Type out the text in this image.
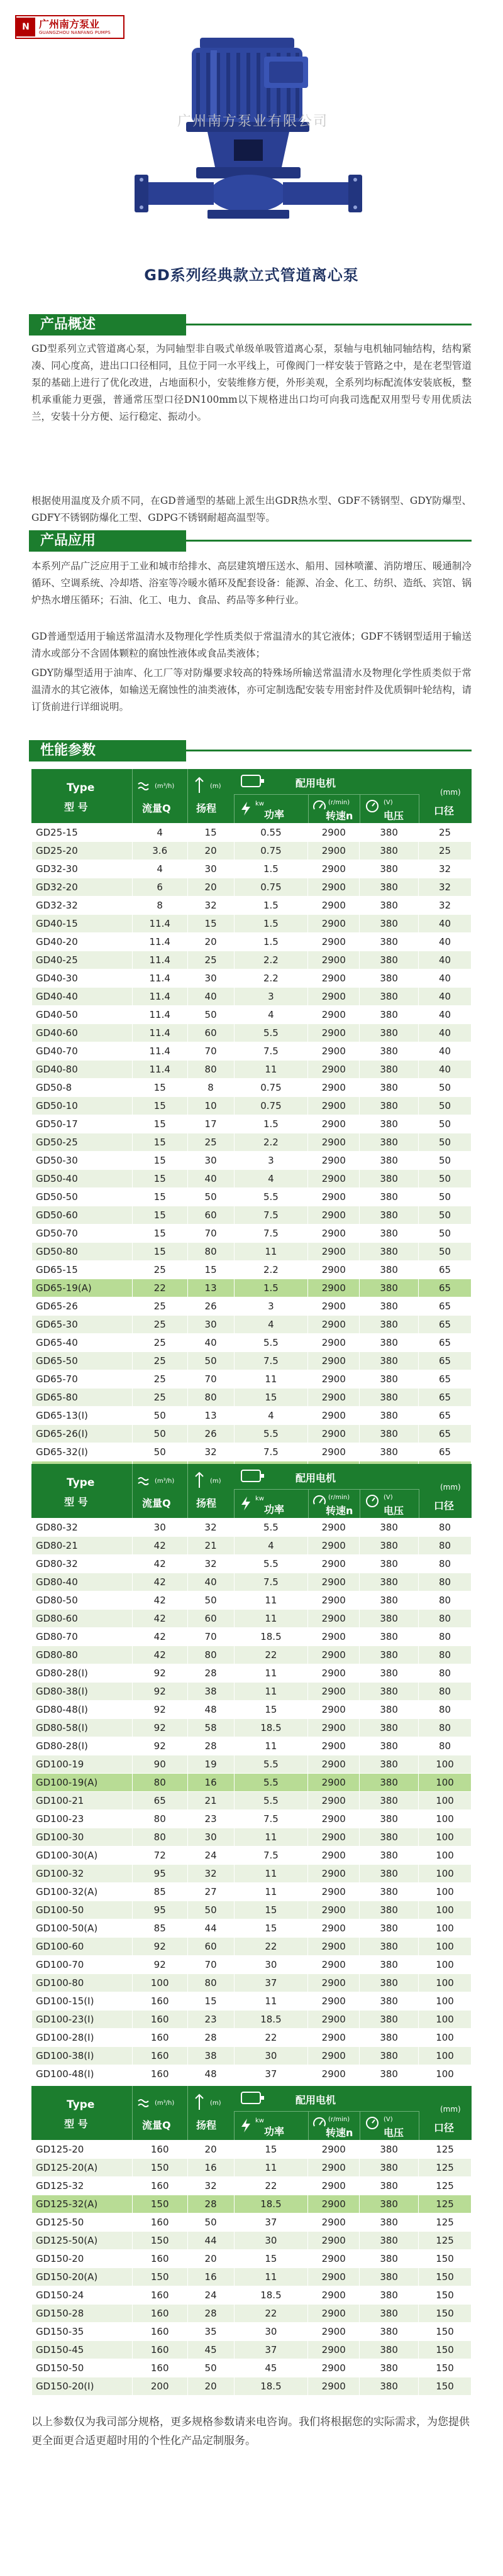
N 广州南方泵业
GUANGZHOU NANFANG PUMPS
广州南方泵业有限公司
GD系列经典款立式管道离心泵
产品概述
GD型系列立式管道离心泵，为同轴型非自吸式单级单吸管道离心泵，泵轴与电机轴同轴结构，结构紧凑、同心度高，进出口口径相同，且位于同一水平线上，可像阀门一样安装于管路之中，是在老型管道泵的基础上进行了优化改进，占地面积小，安装维修方便，外形美观，全系列均标配流体安装底板，整机承重能力更强，普通常压型口径DN100mm以下规格进出口均可向我司选配双用型号专用优质法兰，安装十分方便、运行稳定、振动小。
根据使用温度及介质不同，在GD普通型的基础上派生出GDR热水型、GDF不锈钢型、GDY防爆型、GDFY不锈钢防爆化工型、GDPG不锈钢耐超高温型等。
产品应用
本系列产品广泛应用于工业和城市给排水、高层建筑增压送水、船用、园林喷灌、消防增压、暖通制冷循环、空调系统、冷却塔、浴室等冷暖水循环及配套设备：能源、冶金、化工、纺织、造纸、宾馆、锅炉热水增压循环；石油、化工、电力、食品、药品等多种行业。
GD普通型适用于输送常温清水及物理化学性质类似于常温清水的其它液体；GDF不锈钢型适用于输送清水或部分不含固体颗粒的腐蚀性液体或食品类液体；
GDY防爆型适用于油库、化工厂等对防爆要求较高的特殊场所输送常温清水及物理化学性质类似于常温清水的其它液体，如输送无腐蚀性的油类液体，亦可定制选配安装专用密封件及优质铜叶轮结构，请订货前进行详细说明。
性能参数
Type
型 号
(m³/h)
流量Q
(m)
扬程
配用电机
kw
功率
(r/min)
转速n
(V)
电压
(mm)
口径
GD25-15	4	15	0.55	2900	380	25
GD25-20	3.6	20	0.75	2900	380	25
GD32-30	4	30	1.5	2900	380	32
GD32-20	6	20	0.75	2900	380	32
GD32-32	8	32	1.5	2900	380	32
GD40-15	11.4	15	1.5	2900	380	40
GD40-20	11.4	20	1.5	2900	380	40
GD40-25	11.4	25	2.2	2900	380	40
GD40-30	11.4	30	2.2	2900	380	40
GD40-40	11.4	40	3	2900	380	40
GD40-50	11.4	50	4	2900	380	40
GD40-60	11.4	60	5.5	2900	380	40
GD40-70	11.4	70	7.5	2900	380	40
GD40-80	11.4	80	11	2900	380	40
GD50-8	15	8	0.75	2900	380	50
GD50-10	15	10	0.75	2900	380	50
GD50-17	15	17	1.5	2900	380	50
GD50-25	15	25	2.2	2900	380	50
GD50-30	15	30	3	2900	380	50
GD50-40	15	40	4	2900	380	50
GD50-50	15	50	5.5	2900	380	50
GD50-60	15	60	7.5	2900	380	50
GD50-70	15	70	7.5	2900	380	50
GD50-80	15	80	11	2900	380	50
GD65-15	25	15	2.2	2900	380	65
GD65-19(A)	22	13	1.5	2900	380	65
GD65-26	25	26	3	2900	380	65
GD65-30	25	30	4	2900	380	65
GD65-40	25	40	5.5	2900	380	65
GD65-50	25	50	7.5	2900	380	65
GD65-70	25	70	11	2900	380	65
GD65-80	25	80	15	2900	380	65
GD65-13(I)	50	13	4	2900	380	65
GD65-26(I)	50	26	5.5	2900	380	65
GD65-32(I)	50	32	7.5	2900	380	65

Type
型 号
(m³/h)
流量Q
(m)
扬程
配用电机
kw
功率
(r/min)
转速n
(V)
电压
(mm)
口径
GD80-32	30	32	5.5	2900	380	80
GD80-21	42	21	4	2900	380	80
GD80-32	42	32	5.5	2900	380	80
GD80-40	42	40	7.5	2900	380	80
GD80-50	42	50	11	2900	380	80
GD80-60	42	60	11	2900	380	80
GD80-70	42	70	18.5	2900	380	80
GD80-80	42	80	22	2900	380	80
GD80-28(I)	92	28	11	2900	380	80
GD80-38(I)	92	38	11	2900	380	80
GD80-48(I)	92	48	15	2900	380	80
GD80-58(I)	92	58	18.5	2900	380	80
GD80-28(I)	92	28	11	2900	380	80
GD100-19	90	19	5.5	2900	380	100
GD100-19(A)	80	16	5.5	2900	380	100
GD100-21	65	21	5.5	2900	380	100
GD100-23	80	23	7.5	2900	380	100
GD100-30	80	30	11	2900	380	100
GD100-30(A)	72	24	7.5	2900	380	100
GD100-32	95	32	11	2900	380	100
GD100-32(A)	85	27	11	2900	380	100
GD100-50	95	50	15	2900	380	100
GD100-50(A)	85	44	15	2900	380	100
GD100-60	92	60	22	2900	380	100
GD100-70	92	70	30	2900	380	100
GD100-80	100	80	37	2900	380	100
GD100-15(I)	160	15	11	2900	380	100
GD100-23(I)	160	23	18.5	2900	380	100
GD100-28(I)	160	28	22	2900	380	100
GD100-38(I)	160	38	30	2900	380	100
GD100-48(I)	160	48	37	2900	380	100
Type
型 号
(m³/h)
流量Q
(m)
扬程
配用电机
kw
功率
(r/min)
转速n
(V)
电压
(mm)
口径
GD125-20	160	20	15	2900	380	125
GD125-20(A)	150	16	11	2900	380	125
GD125-32	160	32	22	2900	380	125
GD125-32(A)	150	28	18.5	2900	380	125
GD125-50	160	50	37	2900	380	125
GD125-50(A)	150	44	30	2900	380	125
GD150-20	160	20	15	2900	380	150
GD150-20(A)	150	16	11	2900	380	150
GD150-24	160	24	18.5	2900	380	150
GD150-28	160	28	22	2900	380	150
GD150-35	160	35	30	2900	380	150
GD150-45	160	45	37	2900	380	150
GD150-50	160	50	45	2900	380	150
GD150-20(I)	200	20	18.5	2900	380	150
以上参数仅为我司部分规格，更多规格参数请来电咨询。我们将根据您的实际需求，为您提供更全面更合适更超时用的个性化产品定制服务。
